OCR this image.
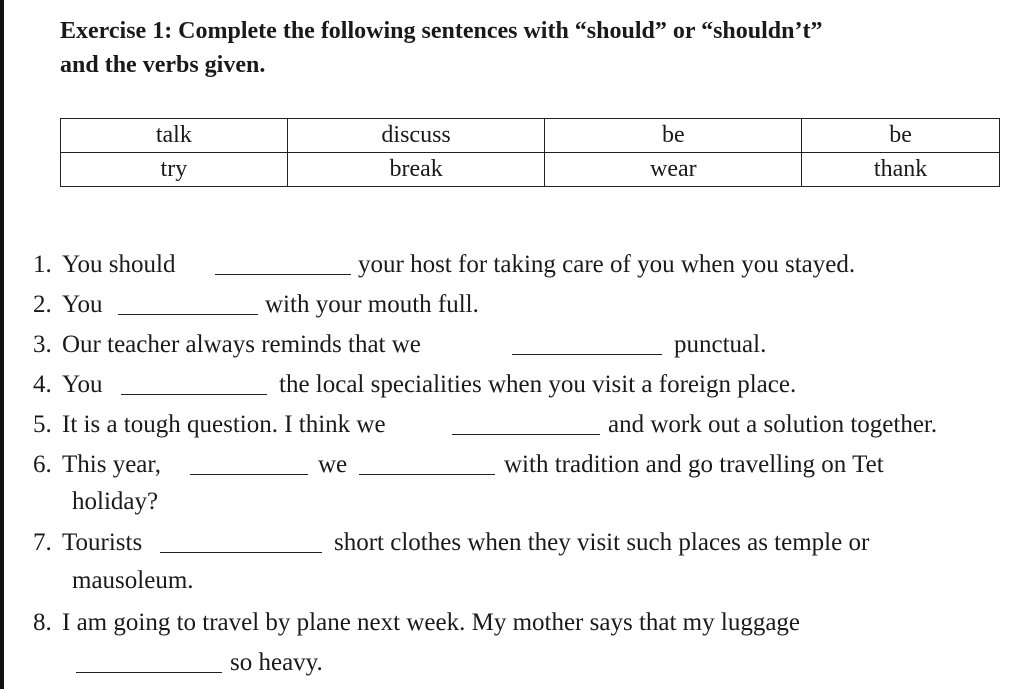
Exercise 1: Complete the following sentences with “should” or “shouldn’t”
and the verbs given.
talk	discuss	be	be
try	break	wear	thank
1. You should	your host for taking care of you when you stayed.
2. You	with your mouth full.
3. Our teacher always reminds that we	punctual.
4. You	the local specialities when you visit a foreign place.
5. It is a tough question. I think we	and work out a solution together.
6. This year,	we	with tradition and go travelling on Tet
holiday?
7. Tourists	short clothes when they visit such places as temple or
mausoleum.
8. I am going to travel by plane next week. My mother says that my luggage
so heavy.
